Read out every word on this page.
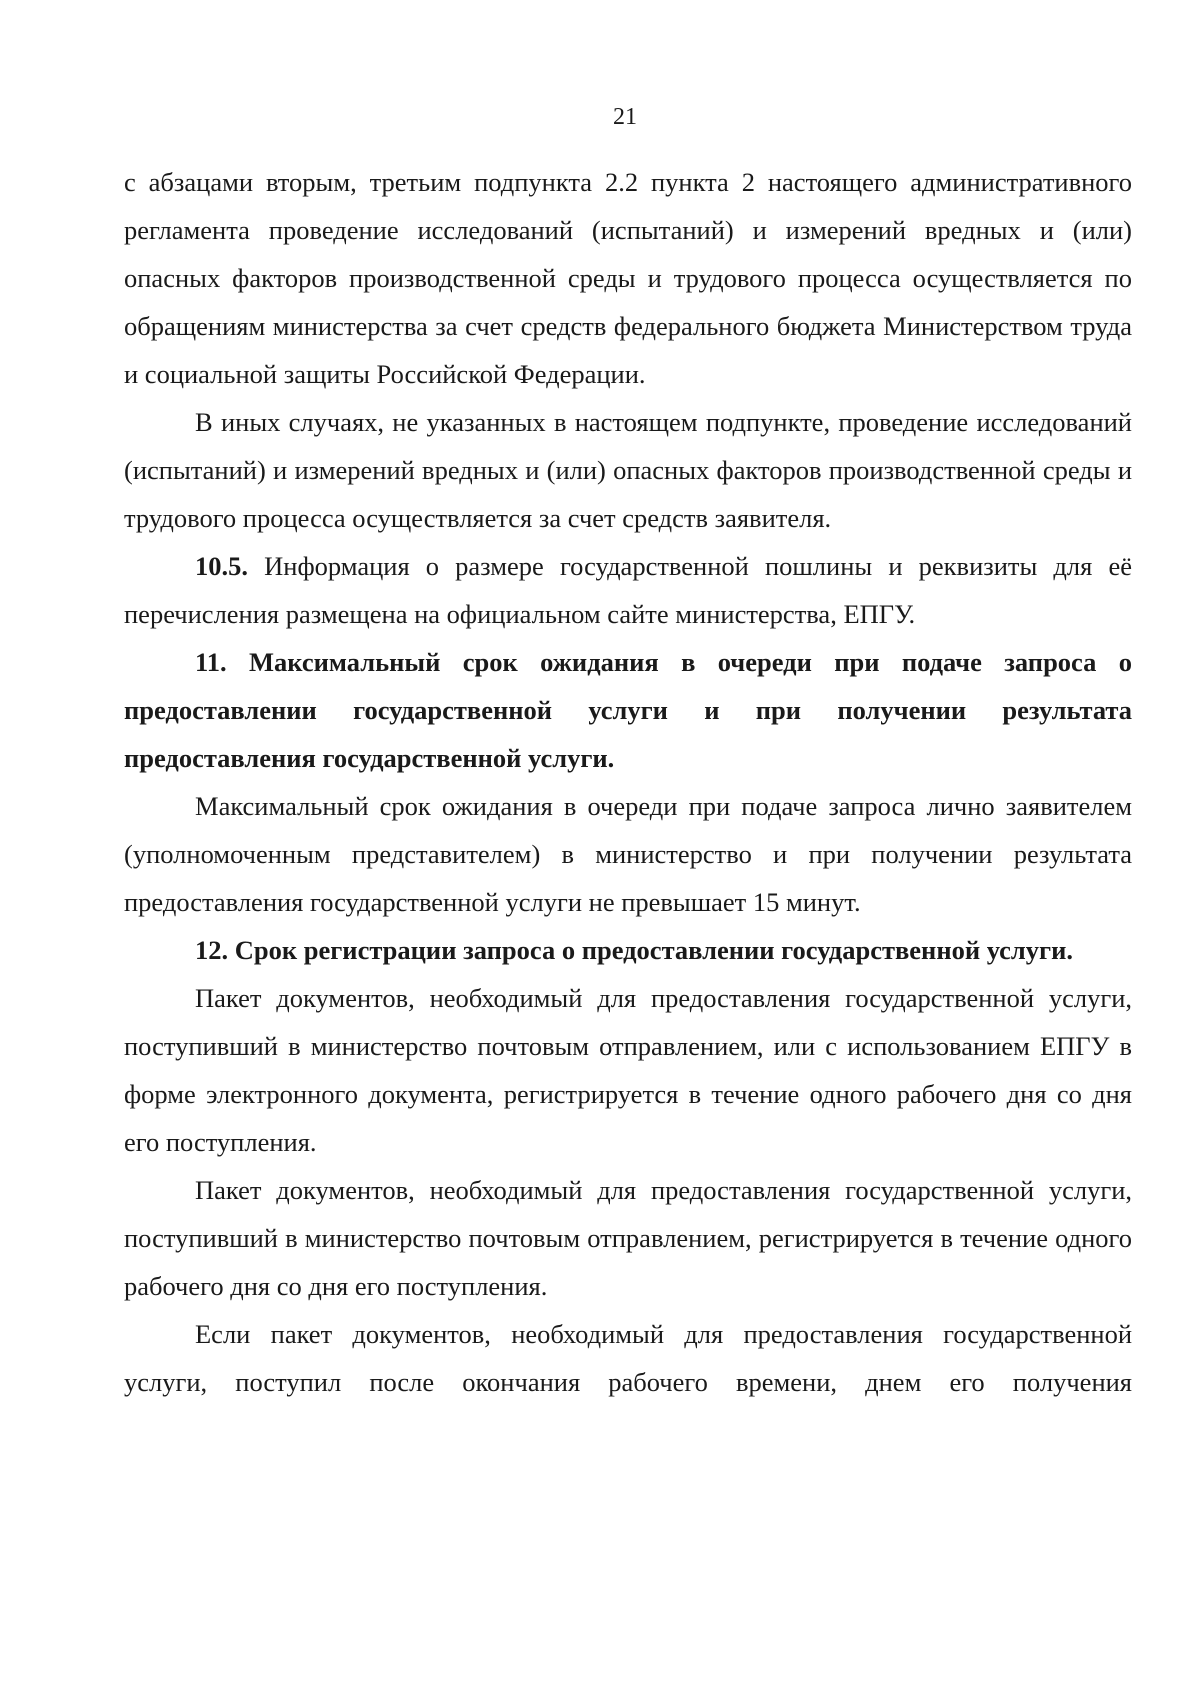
21

с абзацами вторым, третьим подпункта 2.2 пункта 2 настоящего административного регламента проведение исследований (испытаний) и измерений вредных и (или) опасных факторов производственной среды и трудового процесса осуществляется по обращениям министерства за счет средств федерального бюджета Министерством труда и социальной защиты Российской Федерации.

В иных случаях, не указанных в настоящем подпункте, проведение исследований (испытаний) и измерений вредных и (или) опасных факторов производственной среды и трудового процесса осуществляется за счет средств заявителя.

10.5. Информация о размере государственной пошлины и реквизиты для её перечисления размещена на официальном сайте министерства, ЕПГУ.

11. Максимальный срок ожидания в очереди при подаче запроса о предоставлении государственной услуги и при получении результата предоставления государственной услуги.

Максимальный срок ожидания в очереди при подаче запроса лично заявителем (уполномоченным представителем) в министерство и при получении результата предоставления государственной услуги не превышает 15 минут.

12. Срок регистрации запроса о предоставлении государственной услуги.

Пакет документов, необходимый для предоставления государственной услуги, поступивший в министерство почтовым отправлением, или с использованием ЕПГУ в форме электронного документа, регистрируется в течение одного рабочего дня со дня его поступления.

Пакет документов, необходимый для предоставления государственной услуги, поступивший в министерство почтовым отправлением, регистрируется в течение одного рабочего дня со дня его поступления.

Если пакет документов, необходимый для предоставления государственной услуги, поступил после окончания рабочего времени, днем его получения
